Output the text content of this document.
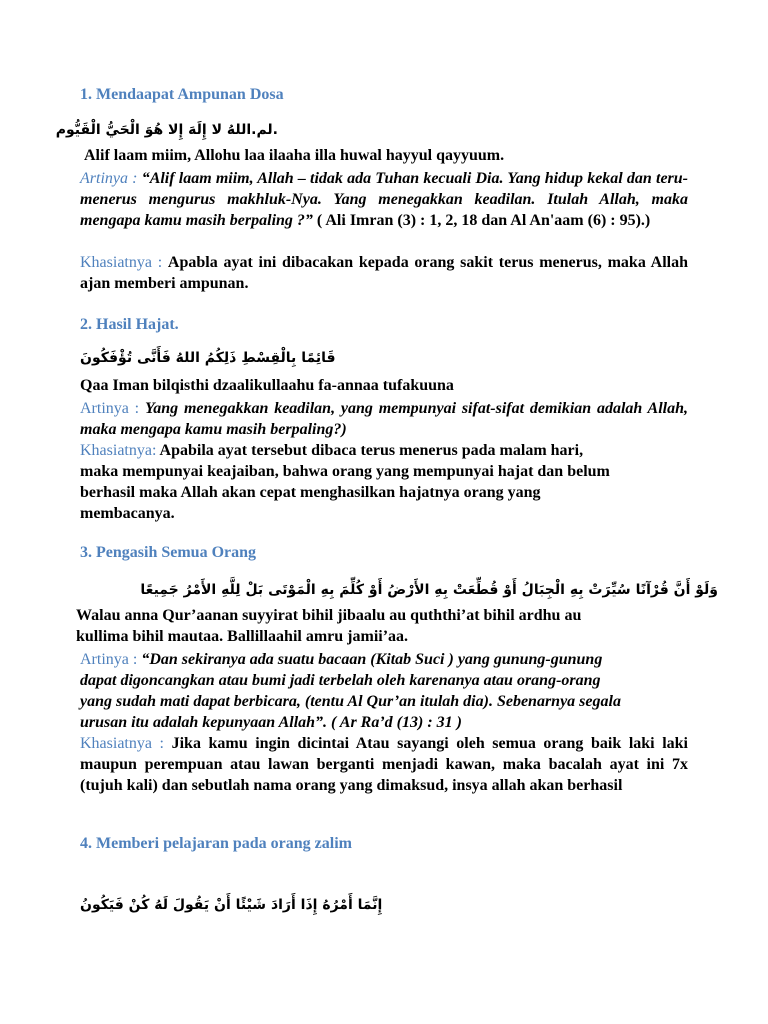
1. Mendaapat Ampunan Dosa
.لم.اللهُ لا إِلَهَ إِلا هُوَ الْحَيُّ الْقَيُّوم
Alif laam miim, Allohu laa ilaaha illa huwal hayyul qayyuum.
Artinya : “Alif laam miim, Allah – tidak ada Tuhan kecuali Dia. Yang hidup kekal dan teru-menerus mengurus makhluk-Nya. Yang menegakkan keadilan. Itulah Allah, maka mengapa kamu masih berpaling ?” ( Ali Imran (3) : 1, 2, 18 dan Al An'aam (6) : 95).)
Khasiatnya : Apabla ayat ini dibacakan kepada orang sakit terus menerus, maka Allah ajan memberi ampunan.
2. Hasil Hajat.
قَائِمًا بِالْقِسْطِ ذَلِكُمُ اللهُ فَأَنَّى تُؤْفَكُونَ
Qaa Iman bilqisthi dzaalikullaahu fa-annaa tufakuuna
Artinya : Yang menegakkan keadilan, yang mempunyai sifat-sifat demikian adalah Allah, maka mengapa kamu masih berpaling?)
Khasiatnya: Apabila ayat tersebut dibaca terus menerus pada malam hari,
maka mempunyai keajaiban, bahwa orang yang mempunyai hajat dan belum
berhasil maka Allah akan cepat menghasilkan hajatnya orang yang
membacanya.
3. Pengasih Semua Orang
وَلَوْ أَنَّ قُرْآنًا سُيِّرَتْ بِهِ الْجِبَالُ أَوْ قُطِّعَتْ بِهِ الأَرْضُ أَوْ كُلِّمَ بِهِ الْمَوْتَى بَلْ لِلَّهِ الأَمْرُ جَمِيعًا
Walau anna Qur’aanan suyyirat bihil jibaalu au quththi’at bihil ardhu au
kullima bihil mautaa. Ballillaahil amru jamii’aa.
Artinya : “Dan sekiranya ada suatu bacaan (Kitab Suci ) yang gunung-gunung
dapat digoncangkan atau bumi jadi terbelah oleh karenanya atau orang-orang
yang sudah mati dapat berbicara, (tentu Al Qur’an itulah dia). Sebenarnya segala
urusan itu adalah kepunyaan Allah”. ( Ar Ra’d (13) : 31 )
Khasiatnya : Jika kamu ingin dicintai Atau sayangi oleh semua orang baik laki laki maupun perempuan atau lawan berganti menjadi kawan, maka bacalah ayat ini 7x (tujuh kali) dan sebutlah nama orang yang dimaksud, insya allah akan berhasil
4. Memberi pelajaran pada orang zalim
إِنَّمَا أَمْرُهُ إِذَا أَرَادَ شَيْئًا أَنْ يَقُولَ لَهُ كُنْ فَيَكُونُ
